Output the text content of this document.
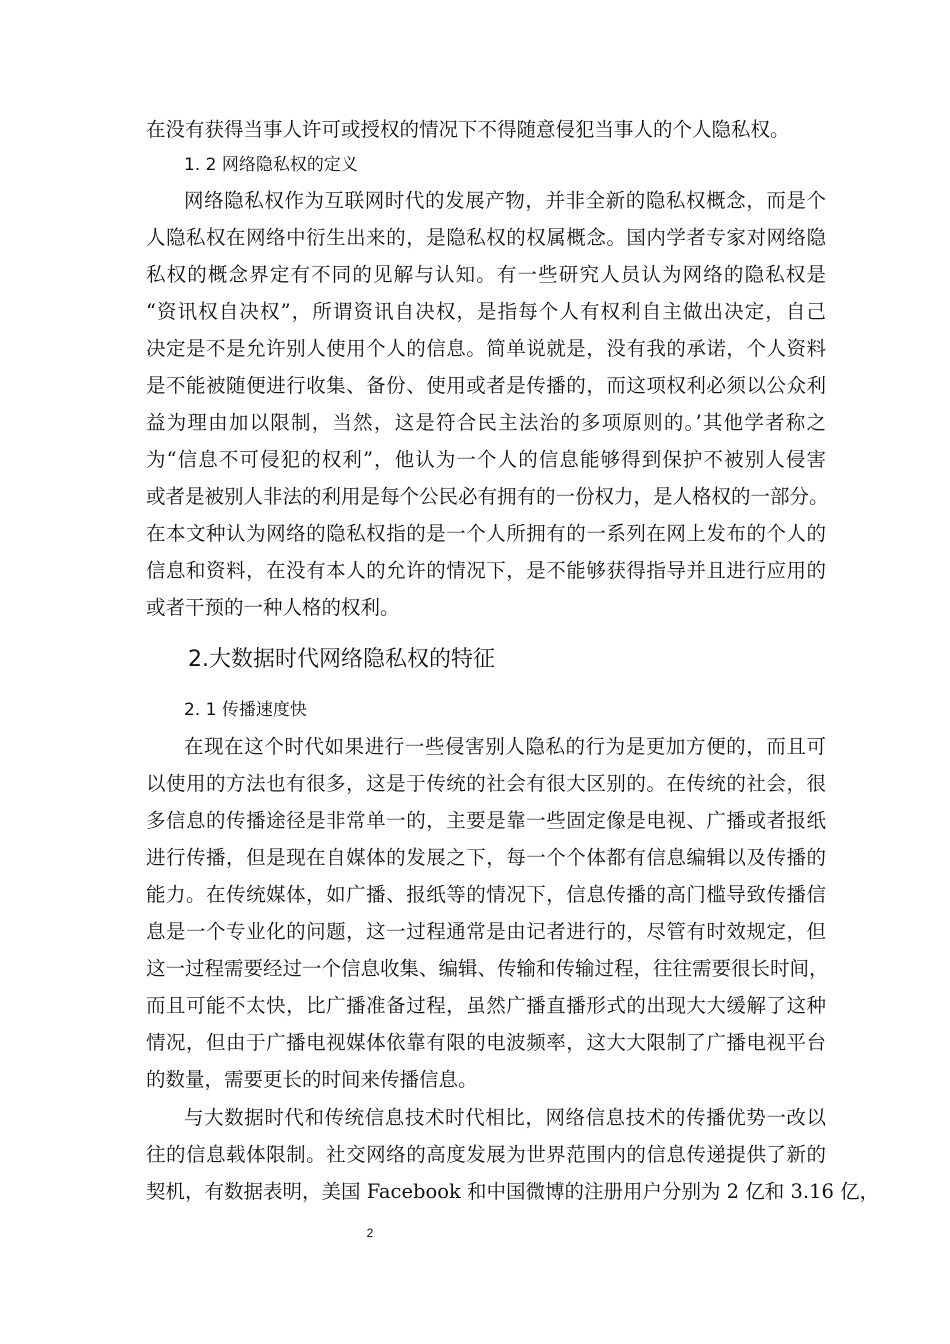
在没有获得当事人许可或授权的情况下不得随意侵犯当事人的个人隐私权。
1. 2 网络隐私权的定义
网络隐私权作为互联网时代的发展产物，并非全新的隐私权概念，而是个
人隐私权在网络中衍生出来的，是隐私权的权属概念。国内学者专家对网络隐
私权的概念界定有不同的见解与认知。有一些研究人员认为网络的隐私权是
“资讯权自决权”，所谓资讯自决权，是指每个人有权利自主做出决定，自己
决定是不是允许别人使用个人的信息。简单说就是，没有我的承诺，个人资料
是不能被随便进行收集、备份、使用或者是传播的，而这项权利必须以公众利
益为理由加以限制，当然，这是符合民主法治的多项原则的。’其他学者称之
为“信息不可侵犯的权利”，他认为一个人的信息能够得到保护不被别人侵害
或者是被别人非法的利用是每个公民必有拥有的一份权力，是人格权的一部分。
在本文种认为网络的隐私权指的是一个人所拥有的一系列在网上发布的个人的
信息和资料，在没有本人的允许的情况下，是不能够获得指导并且进行应用的
或者干预的一种人格的权利。
2.大数据时代网络隐私权的特征
2. 1 传播速度快
在现在这个时代如果进行一些侵害别人隐私的行为是更加方便的，而且可
以使用的方法也有很多，这是于传统的社会有很大区别的。在传统的社会，很
多信息的传播途径是非常单一的，主要是靠一些固定像是电视、广播或者报纸
进行传播，但是现在自媒体的发展之下，每一个个体都有信息编辑以及传播的
能力。在传统媒体，如广播、报纸等的情况下，信息传播的高门槛导致传播信
息是一个专业化的问题，这一过程通常是由记者进行的，尽管有时效规定，但
这一过程需要经过一个信息收集、编辑、传输和传输过程，往往需要很长时间，
而且可能不太快，比广播准备过程，虽然广播直播形式的出现大大缓解了这种
情况，但由于广播电视媒体依靠有限的电波频率，这大大限制了广播电视平台
的数量，需要更长的时间来传播信息。
与大数据时代和传统信息技术时代相比，网络信息技术的传播优势一改以
往的信息载体限制。社交网络的高度发展为世界范围内的信息传递提供了新的
契机，有数据表明，美国 Facebook 和中国微博的注册用户分别为 2 亿和 3.16 亿，
2
